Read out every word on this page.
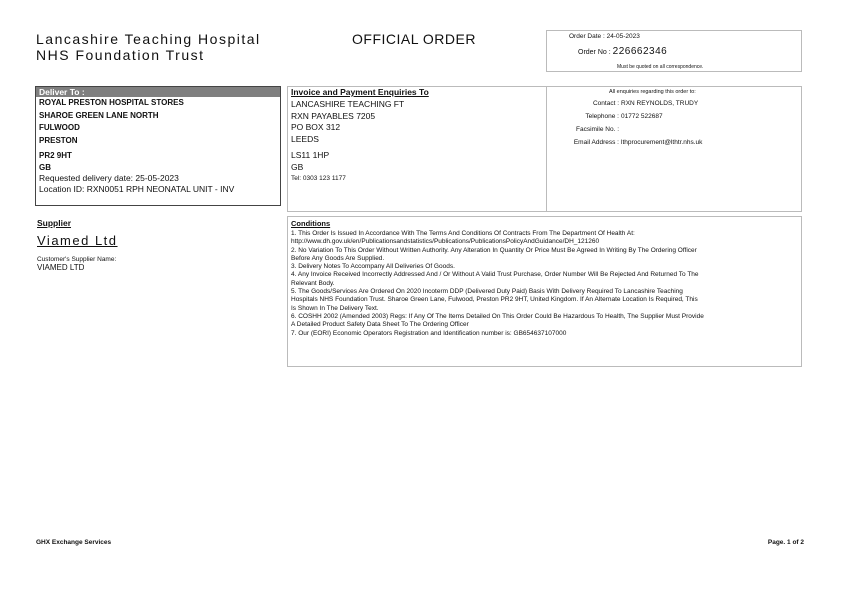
Lancashire Teaching Hospital
NHS Foundation Trust
OFFICIAL ORDER	Order Date : 24-05-2023
Order No : 226662346
Must be quoted on all correspondence.
Deliver To :
ROYAL PRESTON HOSPITAL STORES
SHAROE GREEN LANE NORTH
FULWOOD
PRESTON
PR2 9HT
GB
Requested delivery date: 25-05-2023
Location ID: RXN0051 RPH NEONATAL UNIT - INV
Invoice and Payment Enquiries To
LANCASHIRE TEACHING FT
RXN PAYABLES 7205
PO BOX 312
LEEDS
LS11 1HP
GB
Tel: 0303 123 1177
All enquiries regarding this order to:
Contact :
Telephone :
Facsimile No. :
Email Address :
RXN REYNOLDS, TRUDY
01772 522687
lthprocurement@lthtr.nhs.uk
Supplier
Viamed Ltd
Customer's Supplier Name:
VIAMED LTD
Conditions
1. This Order Is Issued In Accordance With The Terms And Conditions Of Contracts From The Department Of Health At:
http://www.dh.gov.uk/en/Publicationsandstatistics/Publications/PublicationsPolicyAndGuidance/DH_121260
2. No Variation To This Order Without Written Authority. Any Alteration In Quantity Or Price Must Be Agreed In Writing By The Ordering Officer
Before Any Goods Are Supplied.
3. Delivery Notes To Accompany All Deliveries Of Goods.
4. Any Invoice Received Incorrectly Addressed And / Or Without A Valid Trust Purchase, Order Number Will Be Rejected And Returned To The
Relevant Body.
5. The Goods/Services Are Ordered On 2020 Incoterm DDP (Delivered Duty Paid) Basis With Delivery Required To Lancashire Teaching
Hospitals NHS Foundation Trust. Sharoe Green Lane, Fulwood, Preston PR2 9HT, United Kingdom. If An Alternate Location Is Required, This
Is Shown In The Delivery Text.
6. COSHH 2002 (Amended 2003) Regs: If Any Of The Items Detailed On This Order Could Be Hazardous To Health, The Supplier Must Provide
A Detailed Product Safety Data Sheet To The Ordering Officer
7. Our (EORI) Economic Operators Registration and Identification number is: GB654637107000
GHX Exchange Services	Page. 1 of 2
